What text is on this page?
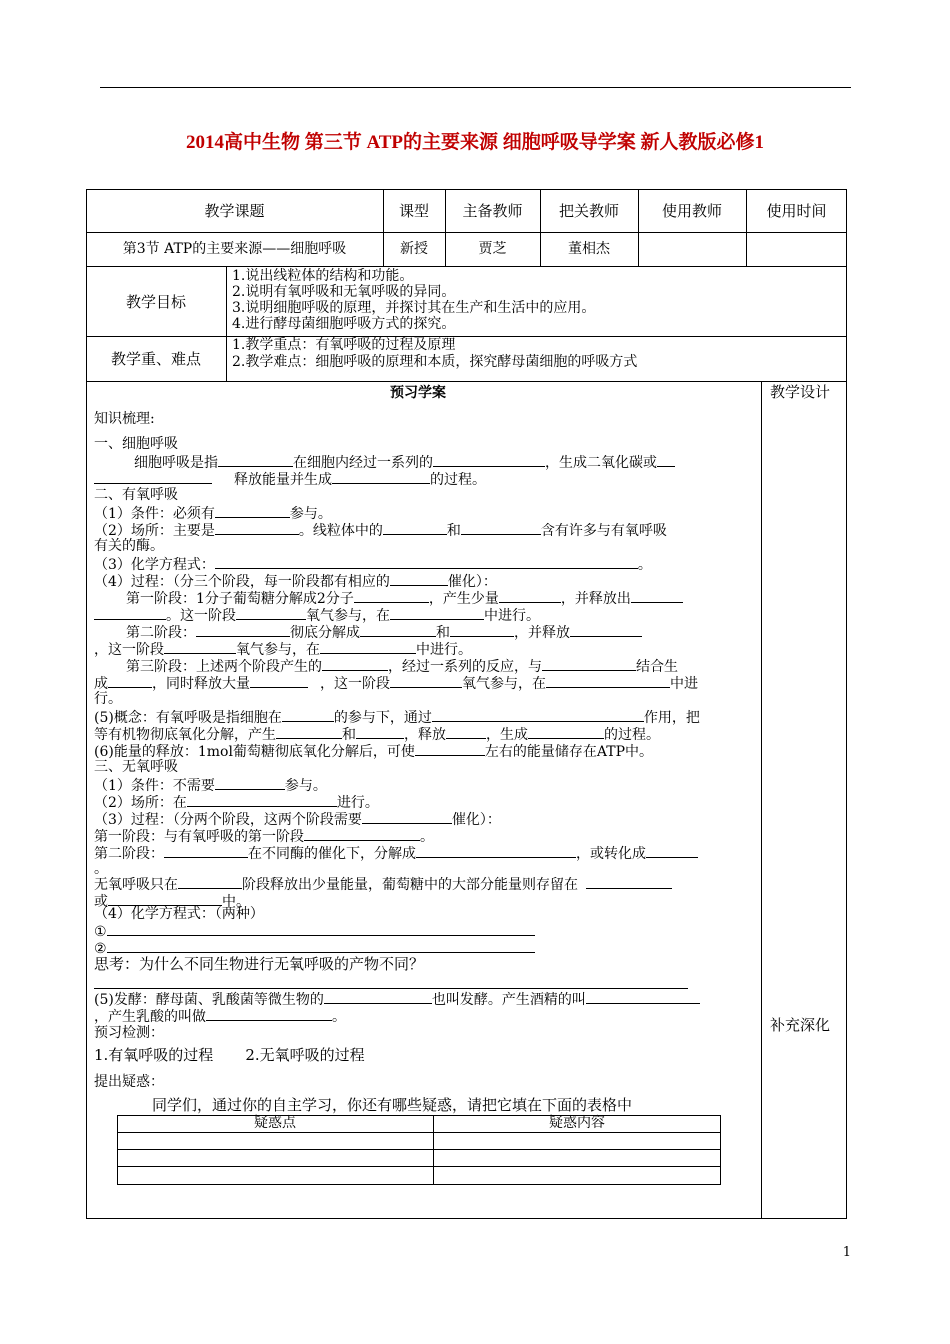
2014高中生物 第三节 ATP的主要来源 细胞呼吸导学案 新人教版必修1
教学课题	课型	主备教师	把关教师	使用教师	使用时间
第3节 ATP的主要来源——细胞呼吸	新授	贾芝	董相杰
教学目标
1.说出线粒体的结构和功能。
2.说明有氧呼吸和无氧呼吸的异同。
3.说明细胞呼吸的原理，并探讨其在生产和生活中的应用。
4.进行酵母菌细胞呼吸方式的探究。
教学重、难点
1.教学重点：有氧呼吸的过程及原理
2.教学难点：细胞呼吸的原理和本质，探究酵母菌细胞的呼吸方式
教学设计
补充深化
预习学案
知识梳理:
一、细胞呼吸
细胞呼吸是指	在细胞内经过一系列的	，生成二氧化碳或
释放能量并生成	的过程。
二、有氧呼吸
（1）条件：必须有	参与。
（2）场所：主要是	。线粒体中的	和	含有许多与有氧呼吸
有关的酶。
（3）化学方程式：	。
（4）过程：（分三个阶段，每一阶段都有相应的	催化）：
第一阶段：1分子葡萄糖分解成2分子	，产生少量	，并释放出
。这一阶段	氧气参与，在	中进行。
第二阶段：	彻底分解成	和	，并释放
，这一阶段	氧气参与，在	中进行。
第三阶段：上述两个阶段产生的	，经过一系列的反应，与	结合生
成	，同时释放大量	，这一阶段	氧气参与，在	中进
行。
(5)概念：有氧呼吸是指细胞在	的参与下，通过	作用，把
等有机物彻底氧化分解，产生	和	，释放	，生成	的过程。
(6)能量的释放：1mol葡萄糖彻底氧化分解后，可使	左右的能量储存在ATP中。
三、无氧呼吸
（1）条件：不需要	参与。
（2）场所：在	进行。
（3）过程：（分两个阶段，这两个阶段需要	催化）：
第一阶段：与有氧呼吸的第一阶段	。
第二阶段：	在不同酶的催化下，分解成	，或转化成
。
无氧呼吸只在	阶段释放出少量能量，葡萄糖中的大部分能量则存留在
或	中。
（4）化学方程式：（两种）
①
②
思考：为什么不同生物进行无氧呼吸的产物不同？
(5)发酵：酵母菌、乳酸菌等微生物的	也叫发酵。产生酒精的叫
，产生乳酸的叫做	。
预习检测：
1.有氧呼吸的过程 2.无氧呼吸的过程
提出疑惑：
同学们，通过你的自主学习，你还有哪些疑惑，请把它填在下面的表格中
疑惑点	疑惑内容
1
